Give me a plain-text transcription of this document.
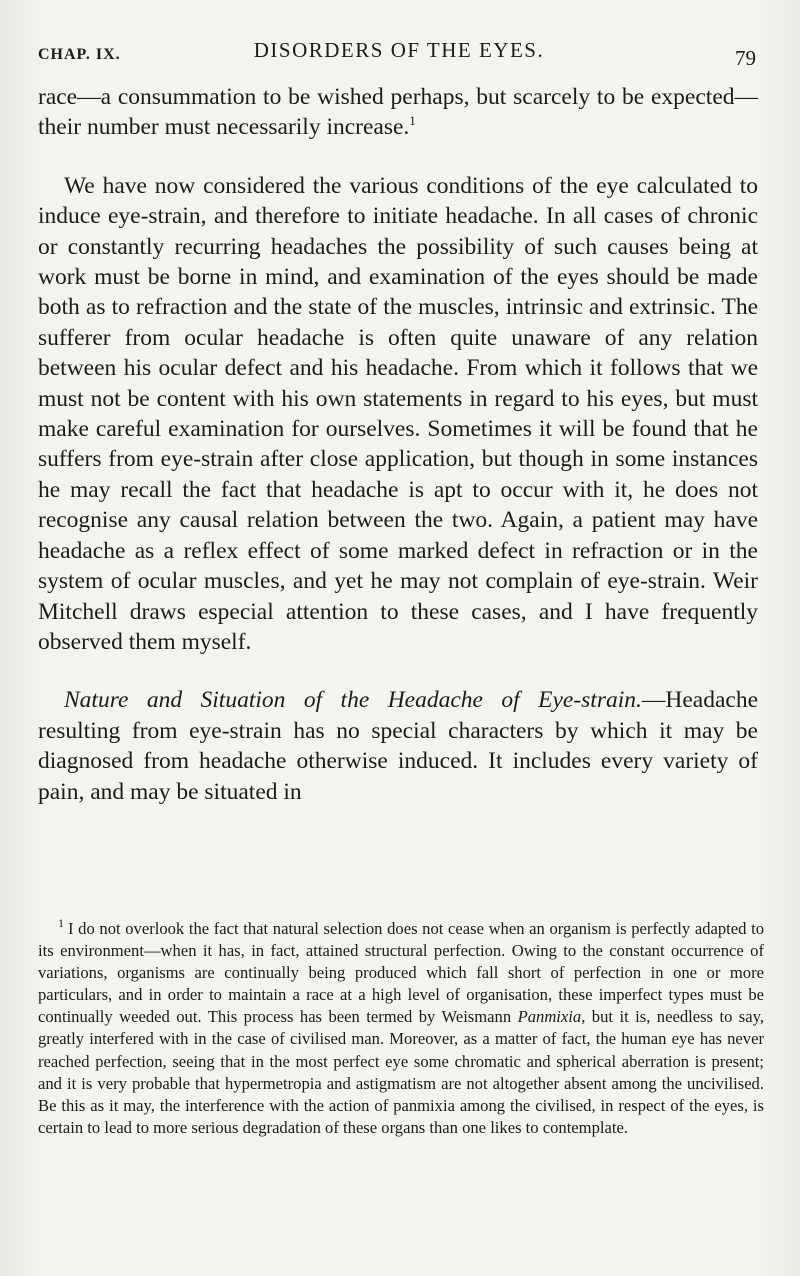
CHAP. IX.	DISORDERS OF THE EYES.	79

race—a consummation to be wished perhaps, but scarcely to be expected—their number must necessarily increase.$^1$

We have now considered the various conditions of the eye calculated to induce eye-strain, and therefore to initiate headache. In all cases of chronic or constantly recurring headaches the possibility of such causes being at work must be borne in mind, and examination of the eyes should be made both as to refraction and the state of the muscles, intrinsic and extrinsic. The sufferer from ocular headache is often quite unaware of any relation between his ocular defect and his headache. From which it follows that we must not be content with his own statements in regard to his eyes, but must make careful examination for ourselves. Sometimes it will be found that he suffers from eye-strain after close application, but though in some instances he may recall the fact that headache is apt to occur with it, he does not recognise any causal relation between the two. Again, a patient may have headache as a reflex effect of some marked defect in refraction or in the system of ocular muscles, and yet he may not complain of eye-strain. Weir Mitchell draws especial attention to these cases, and I have frequently observed them myself.

Nature and Situation of the Headache of Eye-strain.—Headache resulting from eye-strain has no special characters by which it may be diagnosed from headache otherwise induced. It includes every variety of pain, and may be situated in

$^1$ I do not overlook the fact that natural selection does not cease when an organism is perfectly adapted to its environment—when it has, in fact, attained structural perfection. Owing to the constant occurrence of variations, organisms are continually being produced which fall short of perfection in one or more particulars, and in order to maintain a race at a high level of organisation, these imperfect types must be continually weeded out. This process has been termed by Weismann Panmixia, but it is, needless to say, greatly interfered with in the case of civilised man. Moreover, as a matter of fact, the human eye has never reached perfection, seeing that in the most perfect eye some chromatic and spherical aberration is present; and it is very probable that hypermetropia and astigmatism are not altogether absent among the uncivilised. Be this as it may, the interference with the action of panmixia among the civilised, in respect of the eyes, is certain to lead to more serious degradation of these organs than one likes to contemplate.
